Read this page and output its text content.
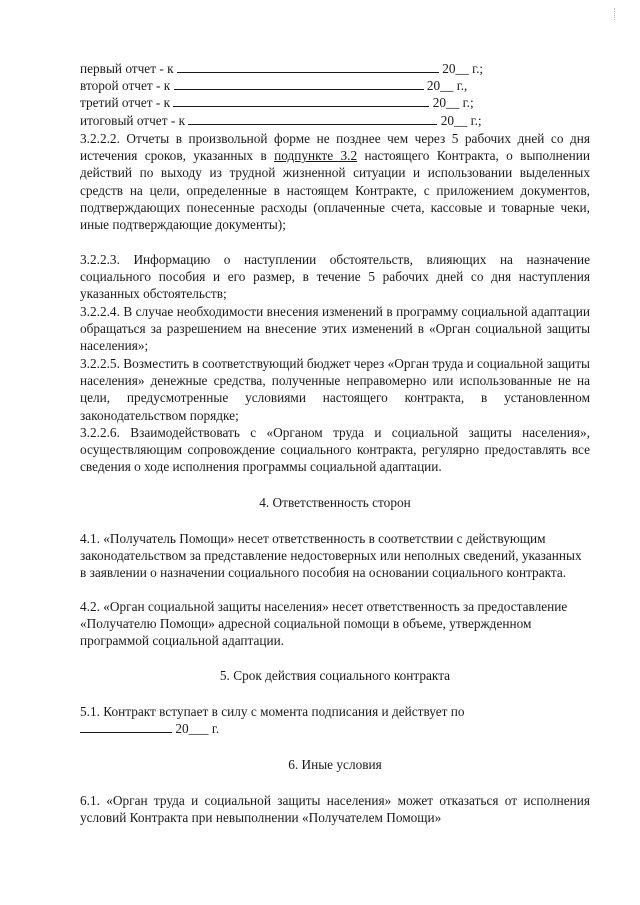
первый отчет - к	20__ г.;
второй отчет - к	20__ г.,
третий отчет - к	20__ г.;
итоговый отчет - к	20__ г.;
3.2.2.2. Отчеты в произвольной форме не позднее чем через 5 рабочих дней со дня истечения сроков, указанных в подпункте 3.2 настоящего Контракта, о выполнении действий по выходу из трудной жизненной ситуации и использовании выделенных средств на цели, определенные в настоящем Контракте, с приложением документов, подтверждающих понесенные расходы (оплаченные счета, кассовые и товарные чеки, иные подтверждающие документы);
3.2.2.3. Информацию о наступлении обстоятельств, влияющих на назначение социального пособия и его размер, в течение 5 рабочих дней со дня наступления указанных обстоятельств;
3.2.2.4. В случае необходимости внесения изменений в программу социальной адаптации обращаться за разрешением на внесение этих изменений в «Орган социальной защиты населения»;
3.2.2.5. Возместить в соответствующий бюджет через «Орган труда и социальной защиты населения» денежные средства, полученные неправомерно или использованные не на цели, предусмотренные условиями настоящего контракта, в установленном законодательством порядке;
3.2.2.6. Взаимодействовать с «Органом труда и социальной защиты населения», осуществляющим сопровождение социального контракта, регулярно предоставлять все сведения о ходе исполнения программы социальной адаптации.
4. Ответственность сторон
4.1. «Получатель Помощи» несет ответственность в соответствии с действующим законодательством за представление недостоверных или неполных сведений, указанных в заявлении о назначении социального пособия на основании социального контракта.
4.2. «Орган социальной защиты населения» несет ответственность за предоставление «Получателю Помощи» адресной социальной помощи в объеме, утвержденном программой социальной адаптации.
5. Срок действия социального контракта
5.1. Контракт вступает в силу с момента подписания и действует по
20___ г.
6. Иные условия
6.1. «Орган труда и социальной защиты населения» может отказаться от исполнения условий Контракта при невыполнении «Получателем Помощи»
